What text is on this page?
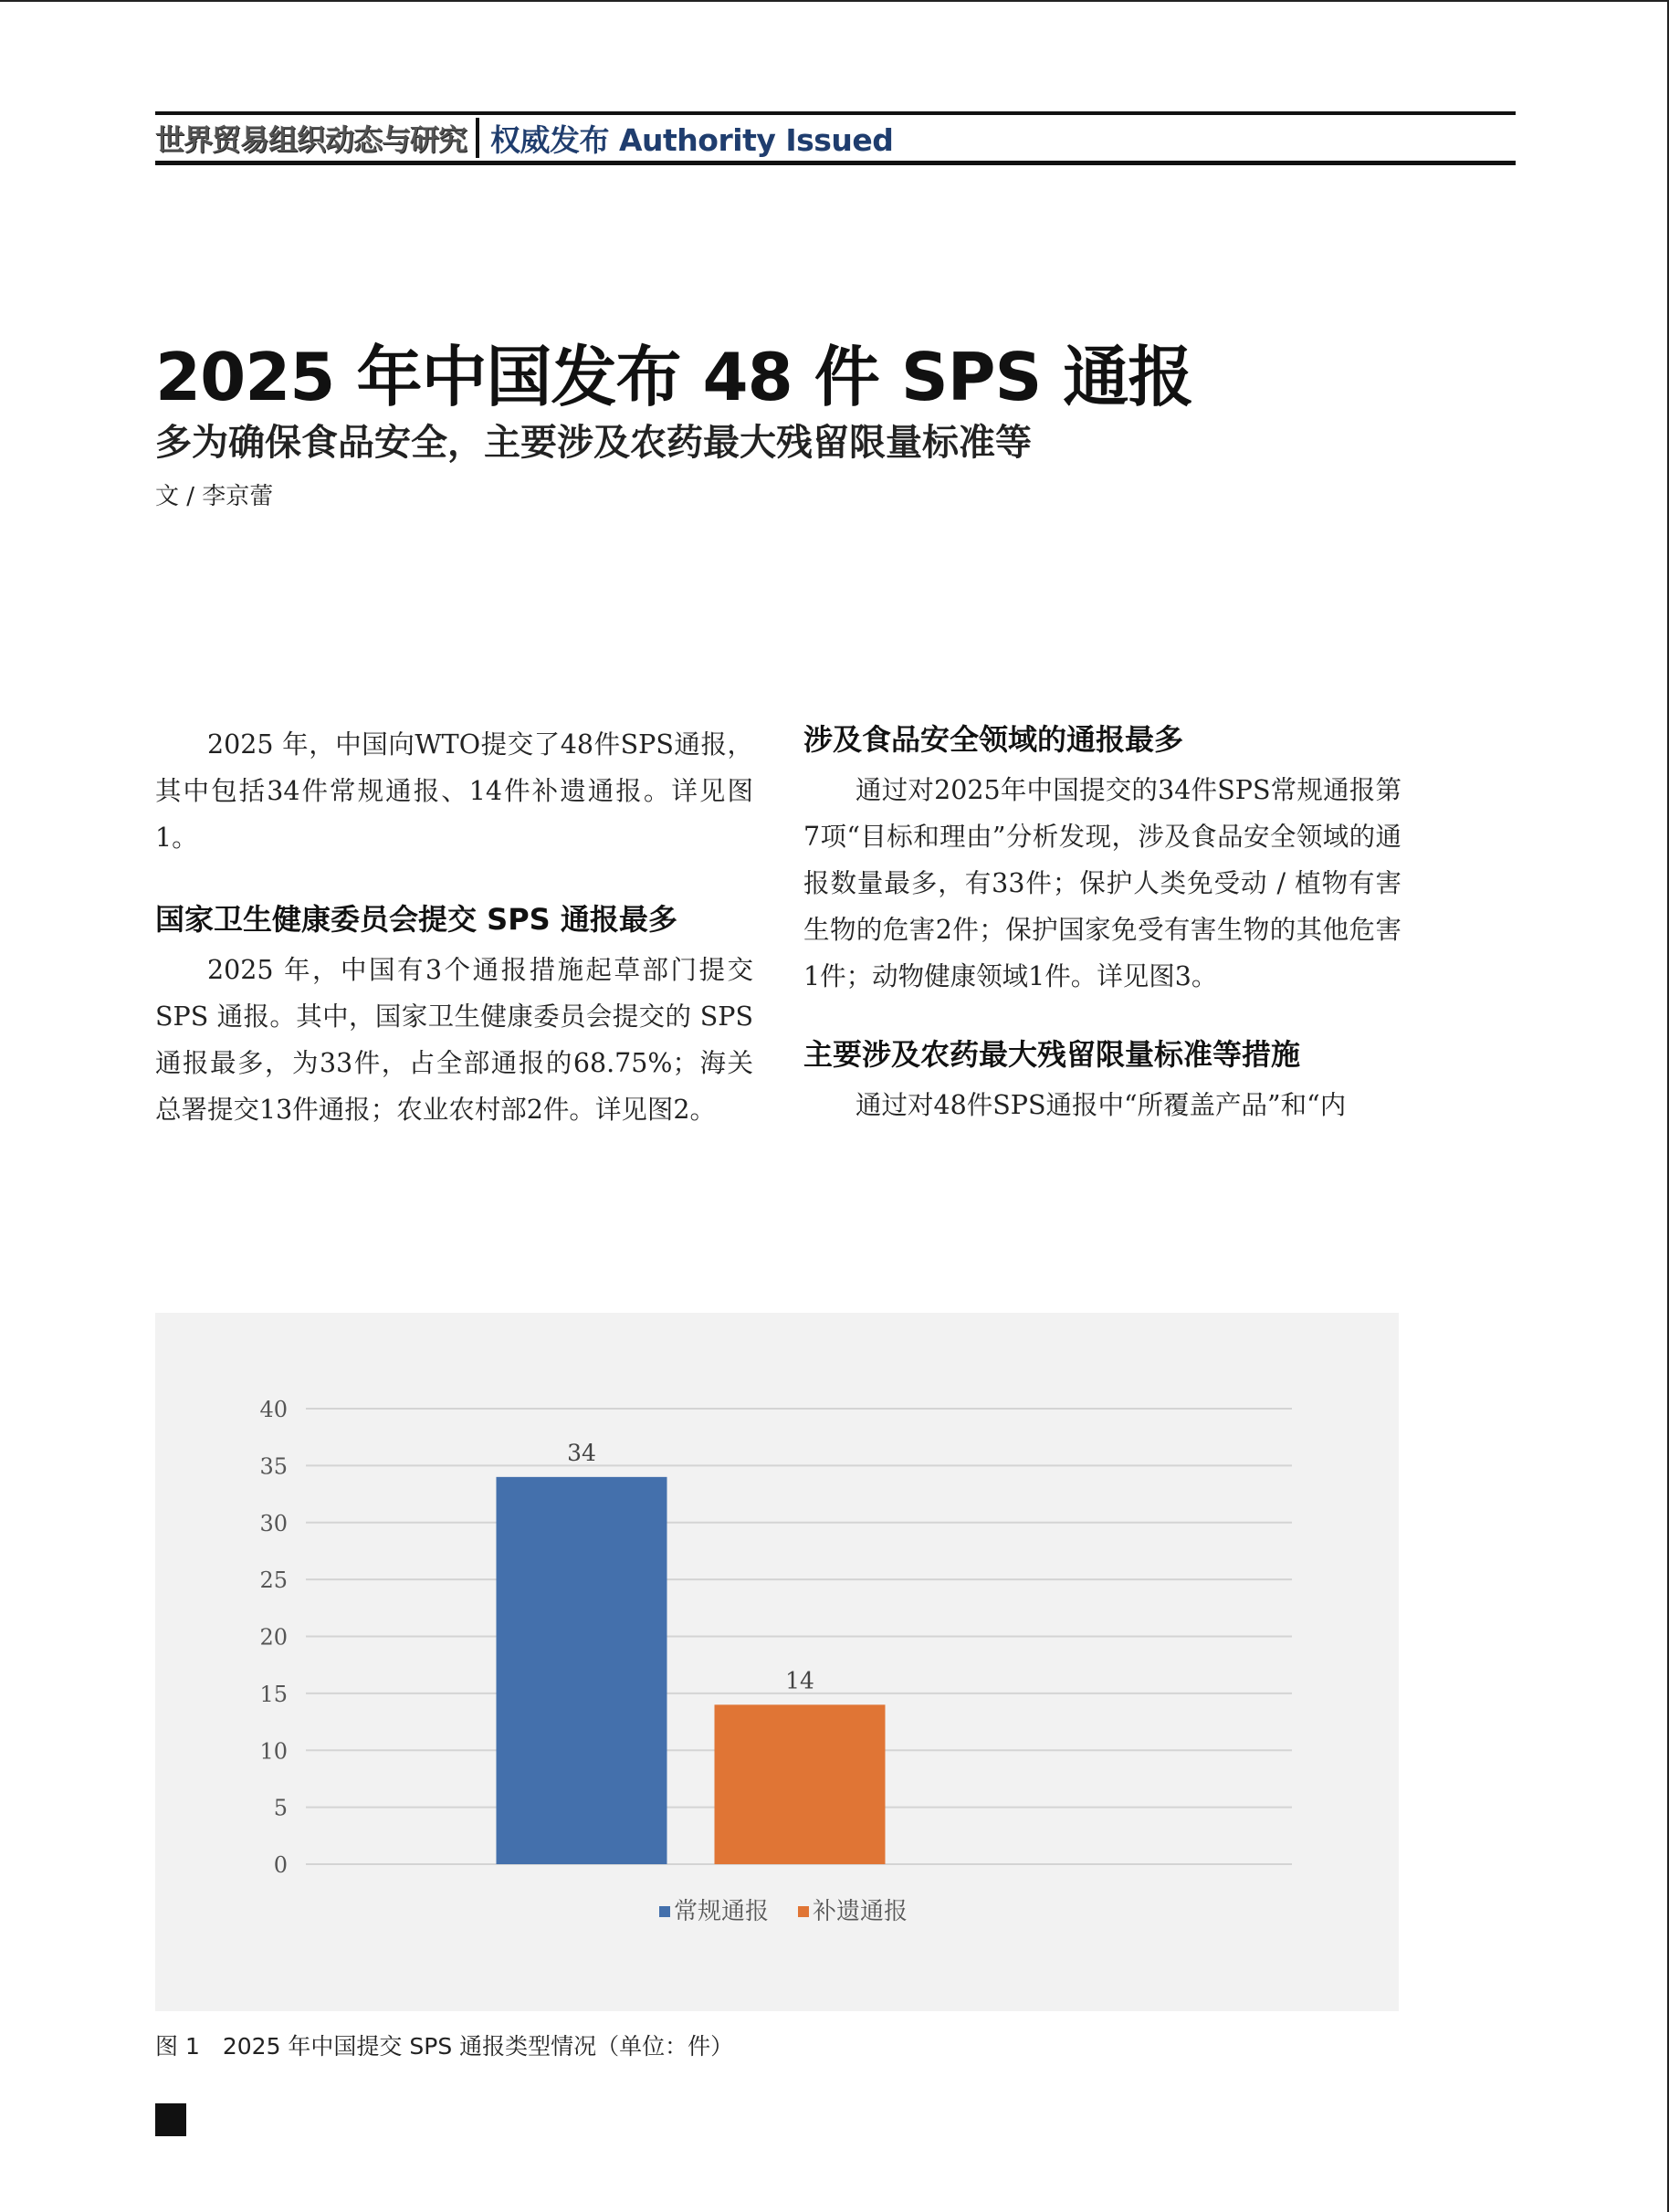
世界贸易组织动态与研究 权威发布 Authority Issued
2025 年中国发布 48 件 SPS 通报
多为确保食品安全，主要涉及农药最大残留限量标准等
文 / 李京蕾

2025 年，中国向WTO提交了48件SPS通报，其中包括34件常规通报、14件补遗通报。详见图1。

国家卫生健康委员会提交 SPS 通报最多

2025 年，中国有3个通报措施起草部门提交 SPS 通报。其中，国家卫生健康委员会提交的 SPS 通报最多，为33件，占全部通报的68.75%；海关总署提交13件通报；农业农村部2件。详见图2。

涉及食品安全领域的通报最多

通过对2025年中国提交的34件SPS常规通报第7项“目标和理由”分析发现，涉及食品安全领域的通报数量最多，有33件；保护人类免受动 / 植物有害生物的危害2件；保护国家免受有害生物的其他危害1件；动物健康领域1件。详见图3。

主要涉及农药最大残留限量标准等措施

通过对48件SPS通报中“所覆盖产品”和“内

0
5
10
15
20
25
30
35
40
34
14
常规通报 补遗通报
图 1　2025 年中国提交 SPS 通报类型情况（单位：件）
